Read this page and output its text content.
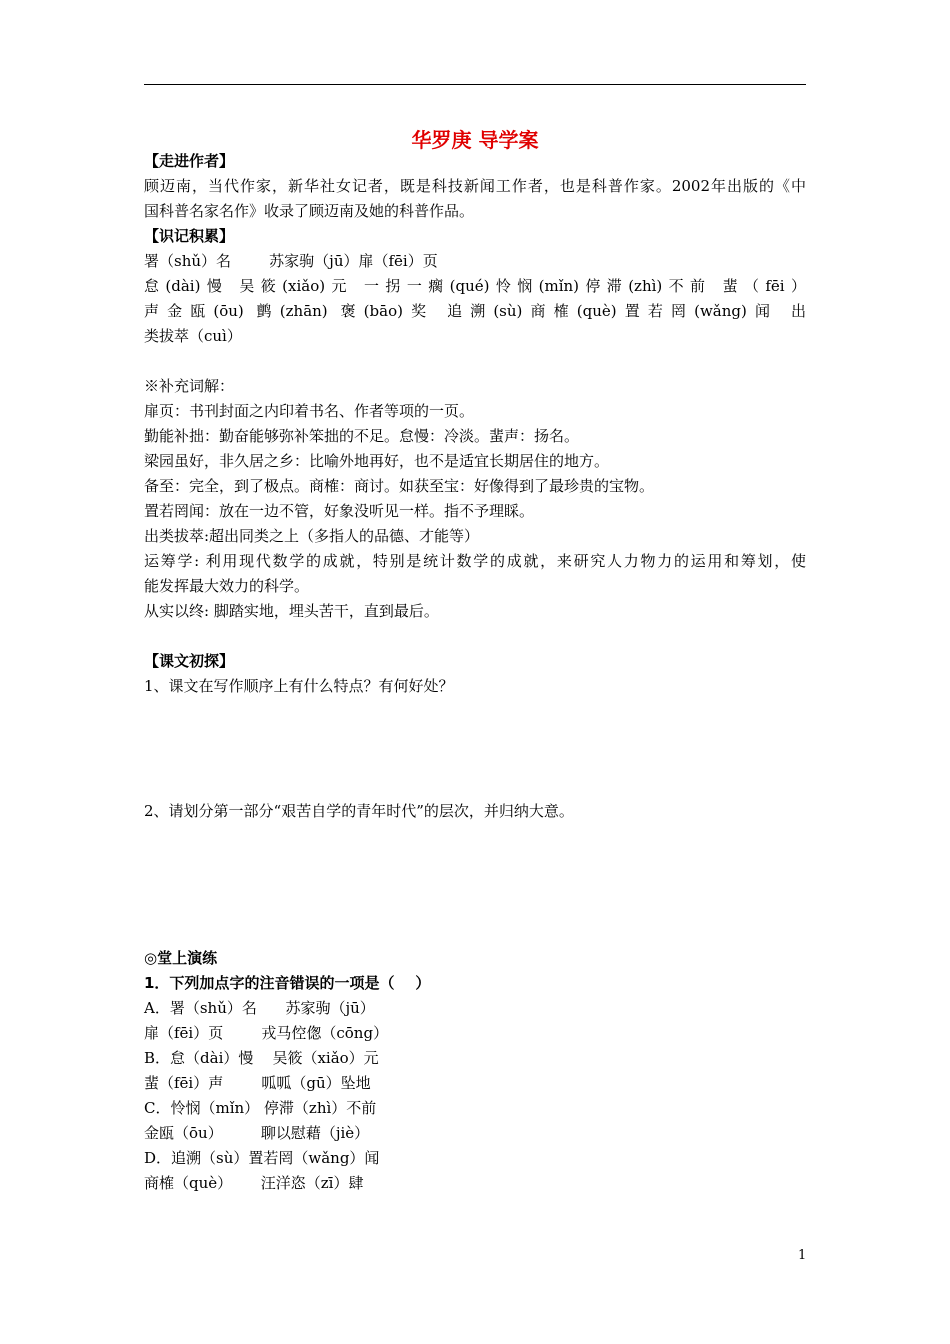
华罗庚 导学案
【走进作者】
顾迈南，当代作家，新华社女记者，既是科技新闻工作者，也是科普作家。2002年出版的《中
国科普名家名作》收录了顾迈南及她的科普作品。
【识记积累】
署（shǔ）名        苏家驹（jū）扉（fēi）页
怠(dài)慢 吴筱(xiǎo)元 一拐一瘸(qué)怜悯(mǐn)停滞(zhì)不前 蜚（fēi）
声金瓯(ōu) 鹯(zhān) 褒(bāo)奖 追溯(sù)商榷(què)置若罔(wǎng)闻 出
类拔萃（cuì）
※补充词解：
扉页：书刊封面之内印着书名、作者等项的一页。
勤能补拙：勤奋能够弥补笨拙的不足。怠慢：冷淡。蜚声：扬名。
梁园虽好，非久居之乡：比喻外地再好，也不是适宜长期居住的地方。
备至：完全，到了极点。商榷：商讨。如获至宝：好像得到了最珍贵的宝物。
置若罔闻：放在一边不管，好象没听见一样。指不予理睬。
出类拔萃:超出同类之上（多指人的品德、才能等）
运筹学: 利用现代数学的成就，特别是统计数学的成就，来研究人力物力的运用和筹划，使
能发挥最大效力的科学。
从实以终: 脚踏实地，埋头苦干，直到最后。
【课文初探】
1、课文在写作顺序上有什么特点？有何好处？
2、请划分第一部分“艰苦自学的青年时代”的层次，并归纳大意。
◎堂上演练
1．下列加点字的注音错误的一项是（    ）
A．署（shǔ）名      苏家驹（jū）
扉（fēi）页        戎马倥偬（cōng）
B．怠（dài）慢    吴筱（xiǎo）元
蜚（fēi）声        呱呱（gū）坠地
C．怜悯（mǐn） 停滞（zhì）不前
金瓯（ōu）        聊以慰藉（jiè）
D．追溯（sù）置若罔（wǎng）闻
商榷（què）      汪洋恣（zī）肆
1
